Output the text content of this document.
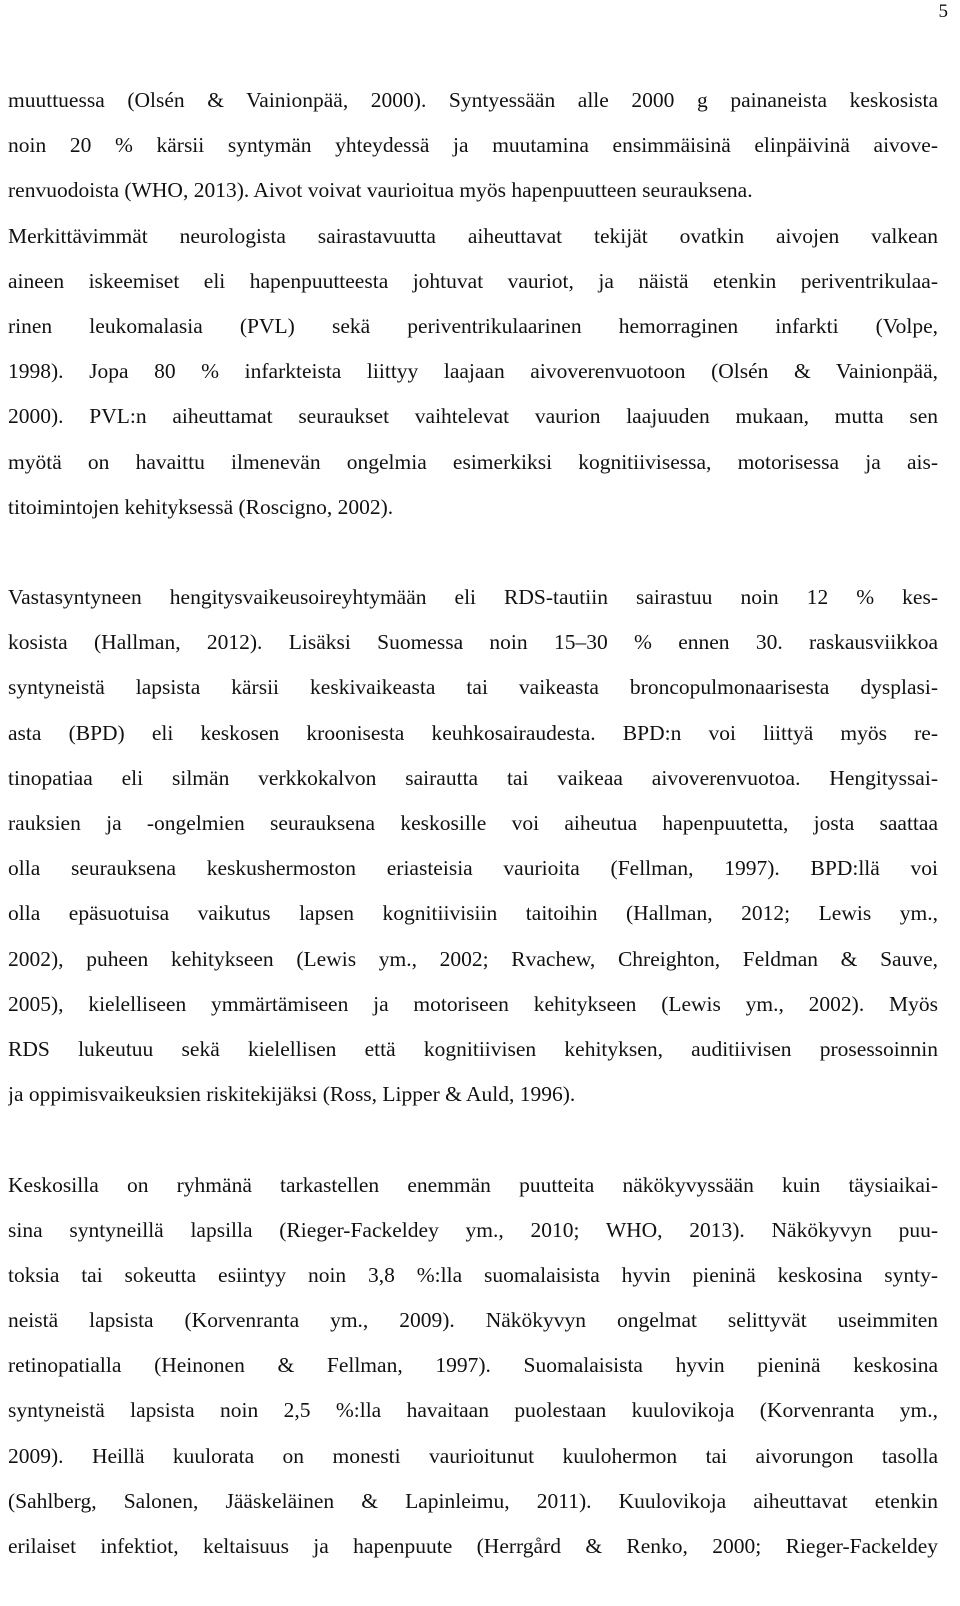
5
muuttuessa (Olsén & Vainionpää, 2000). Syntyessään alle 2000 g painaneista keskosista
noin 20 % kärsii syntymän yhteydessä ja muutamina ensimmäisinä elinpäivinä aivove-
renvuodoista (WHO, 2013). Aivot voivat vaurioitua myös hapenpuutteen seurauksena.
Merkittävimmät neurologista sairastavuutta aiheuttavat tekijät ovatkin aivojen valkean
aineen iskeemiset eli hapenpuutteesta johtuvat vauriot, ja näistä etenkin periventrikulaa-
rinen leukomalasia (PVL) sekä periventrikulaarinen hemorraginen infarkti (Volpe,
1998). Jopa 80 % infarkteista liittyy laajaan aivoverenvuotoon (Olsén & Vainionpää,
2000). PVL:n aiheuttamat seuraukset vaihtelevat vaurion laajuuden mukaan, mutta sen
myötä on havaittu ilmenevän ongelmia esimerkiksi kognitiivisessa, motorisessa ja ais-
titoimintojen kehityksessä (Roscigno, 2002).
Vastasyntyneen hengitysvaikeusoireyhtymään eli RDS-tautiin sairastuu noin 12 % kes-
kosista (Hallman, 2012). Lisäksi Suomessa noin 15–30 % ennen 30. raskausviikkoa
syntyneistä lapsista kärsii keskivaikeasta tai vaikeasta broncopulmonaarisesta dysplasi-
asta (BPD) eli keskosen kroonisesta keuhkosairaudesta. BPD:n voi liittyä myös re-
tinopatiaa eli silmän verkkokalvon sairautta tai vaikeaa aivoverenvuotoa. Hengityssai-
rauksien ja -ongelmien seurauksena keskosille voi aiheutua hapenpuutetta, josta saattaa
olla seurauksena keskushermoston eriasteisia vaurioita (Fellman, 1997). BPD:llä voi
olla epäsuotuisa vaikutus lapsen kognitiivisiin taitoihin (Hallman, 2012; Lewis ym.,
2002), puheen kehitykseen (Lewis ym., 2002; Rvachew, Chreighton, Feldman & Sauve,
2005), kielelliseen ymmärtämiseen ja motoriseen kehitykseen (Lewis ym., 2002). Myös
RDS lukeutuu sekä kielellisen että kognitiivisen kehityksen, auditiivisen prosessoinnin
ja oppimisvaikeuksien riskitekijäksi (Ross, Lipper & Auld, 1996).
Keskosilla on ryhmänä tarkastellen enemmän puutteita näkökyvyssään kuin täysiaikai-
sina syntyneillä lapsilla (Rieger-Fackeldey ym., 2010; WHO, 2013). Näkökyvyn puu-
toksia tai sokeutta esiintyy noin 3,8 %:lla suomalaisista hyvin pieninä keskosina synty-
neistä lapsista (Korvenranta ym., 2009). Näkökyvyn ongelmat selittyvät useimmiten
retinopatialla (Heinonen & Fellman, 1997). Suomalaisista hyvin pieninä keskosina
syntyneistä lapsista noin 2,5 %:lla havaitaan puolestaan kuulovikoja (Korvenranta ym.,
2009). Heillä kuulorata on monesti vaurioitunut kuulohermon tai aivorungon tasolla
(Sahlberg, Salonen, Jääskeläinen & Lapinleimu, 2011). Kuulovikoja aiheuttavat etenkin
erilaiset infektiot, keltaisuus ja hapenpuute (Herrgård & Renko, 2000; Rieger-Fackeldey
